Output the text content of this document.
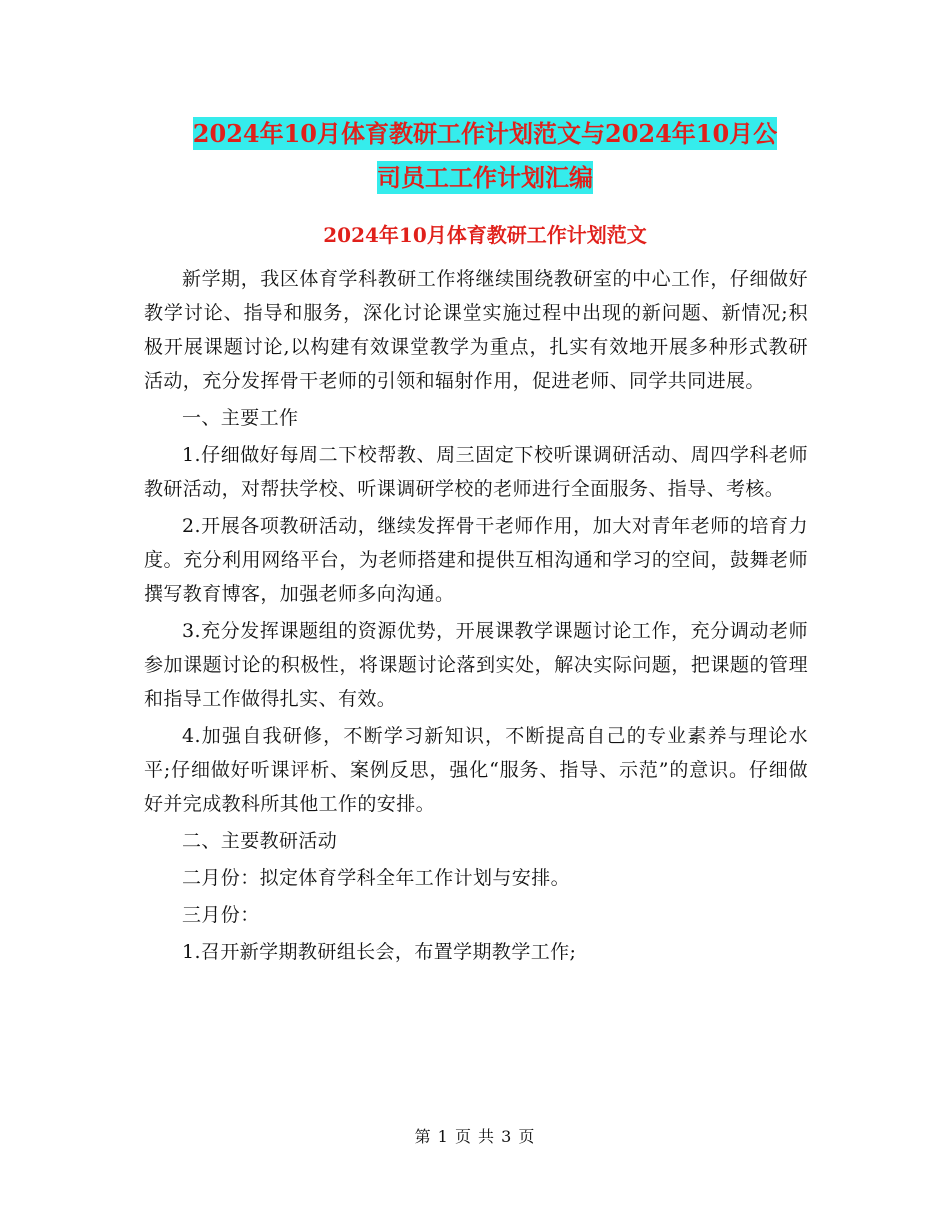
2024年10月体育教研工作计划范文与2024年10月公
司员工工作计划汇编
2024年10月体育教研工作计划范文

新学期，我区体育学科教研工作将继续围绕教研室的中心工作，仔细做好教学讨论、指导和服务，深化讨论课堂实施过程中出现的新问题、新情况;积极开展课题讨论,以构建有效课堂教学为重点，扎实有效地开展多种形式教研活动，充分发挥骨干老师的引领和辐射作用，促进老师、同学共同进展。

一、主要工作

1.仔细做好每周二下校帮教、周三固定下校听课调研活动、周四学科老师教研活动，对帮扶学校、听课调研学校的老师进行全面服务、指导、考核。

2.开展各项教研活动，继续发挥骨干老师作用，加大对青年老师的培育力度。充分利用网络平台，为老师搭建和提供互相沟通和学习的空间，鼓舞老师撰写教育博客，加强老师多向沟通。

3.充分发挥课题组的资源优势，开展课教学课题讨论工作，充分调动老师参加课题讨论的积极性，将课题讨论落到实处，解决实际问题，把课题的管理和指导工作做得扎实、有效。

4.加强自我研修，不断学习新知识，不断提高自己的专业素养与理论水平;仔细做好听课评析、案例反思，强化“服务、指导、示范”的意识。仔细做好并完成教科所其他工作的安排。

二、主要教研活动

二月份：拟定体育学科全年工作计划与安排。

三月份：

1.召开新学期教研组长会，布置学期教学工作;

第 1 页 共 3 页
